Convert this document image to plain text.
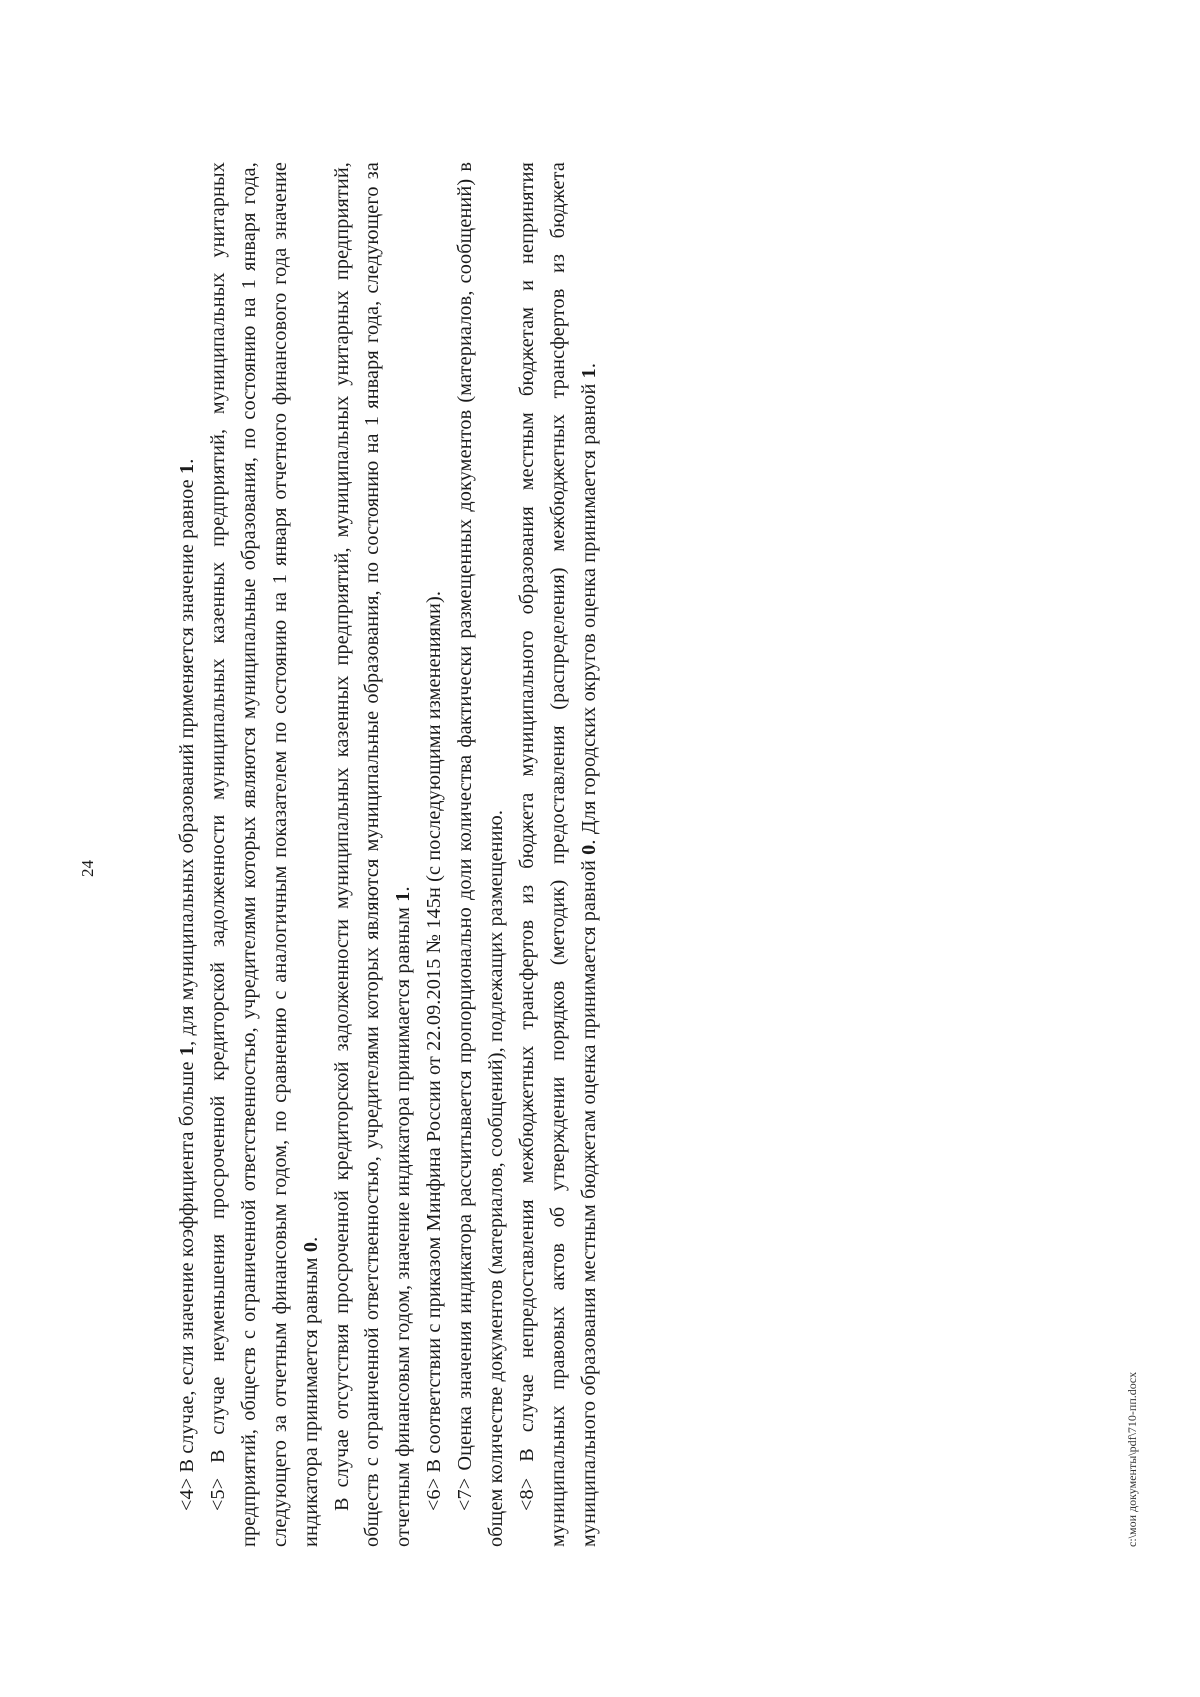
24

<4> В случае, если значение коэффициента больше 1, для муниципальных образований применяется значение равное 1. <5> В случае неуменьшения просроченной кредиторской задолженности муниципальных казенных предприятий, муниципальных унитарных предприятий, обществ с ограниченной ответственностью, учредителями которых являются муниципальные образования, по состоянию на 1 января года, следующего за отчетным финансовым годом, по сравнению с аналогичным показателем по состоянию на 1 января отчетного финансового года значение индикатора принимается равным 0. В случае отсутствия просроченной кредиторской задолженности муниципальных казенных предприятий, муниципальных унитарных предприятий, обществ с ограниченной ответственностью, учредителями которых являются муниципальные образования, по состоянию на 1 января года, следующего за отчетным финансовым годом, значение индикатора принимается равным 1. <6> В соответствии с приказом Минфина России от 22.09.2015 № 145н (с последующими изменениями). <7> Оценка значения индикатора рассчитывается пропорционально доли количества фактически размещенных документов (материалов, сообщений) в общем количестве документов (материалов, сообщений), подлежащих размещению. <8> В случае непредоставления межбюджетных трансфертов из бюджета муниципального образования местным бюджетам и непринятия муниципальных правовых актов об утверждении порядков (методик) предоставления (распределения) межбюджетных трансфертов из бюджета муниципального образования местным бюджетам оценка принимается равной 0. Для городских округов оценка принимается равной 1.

c:\мои документы\pdf\710-пп.docx
